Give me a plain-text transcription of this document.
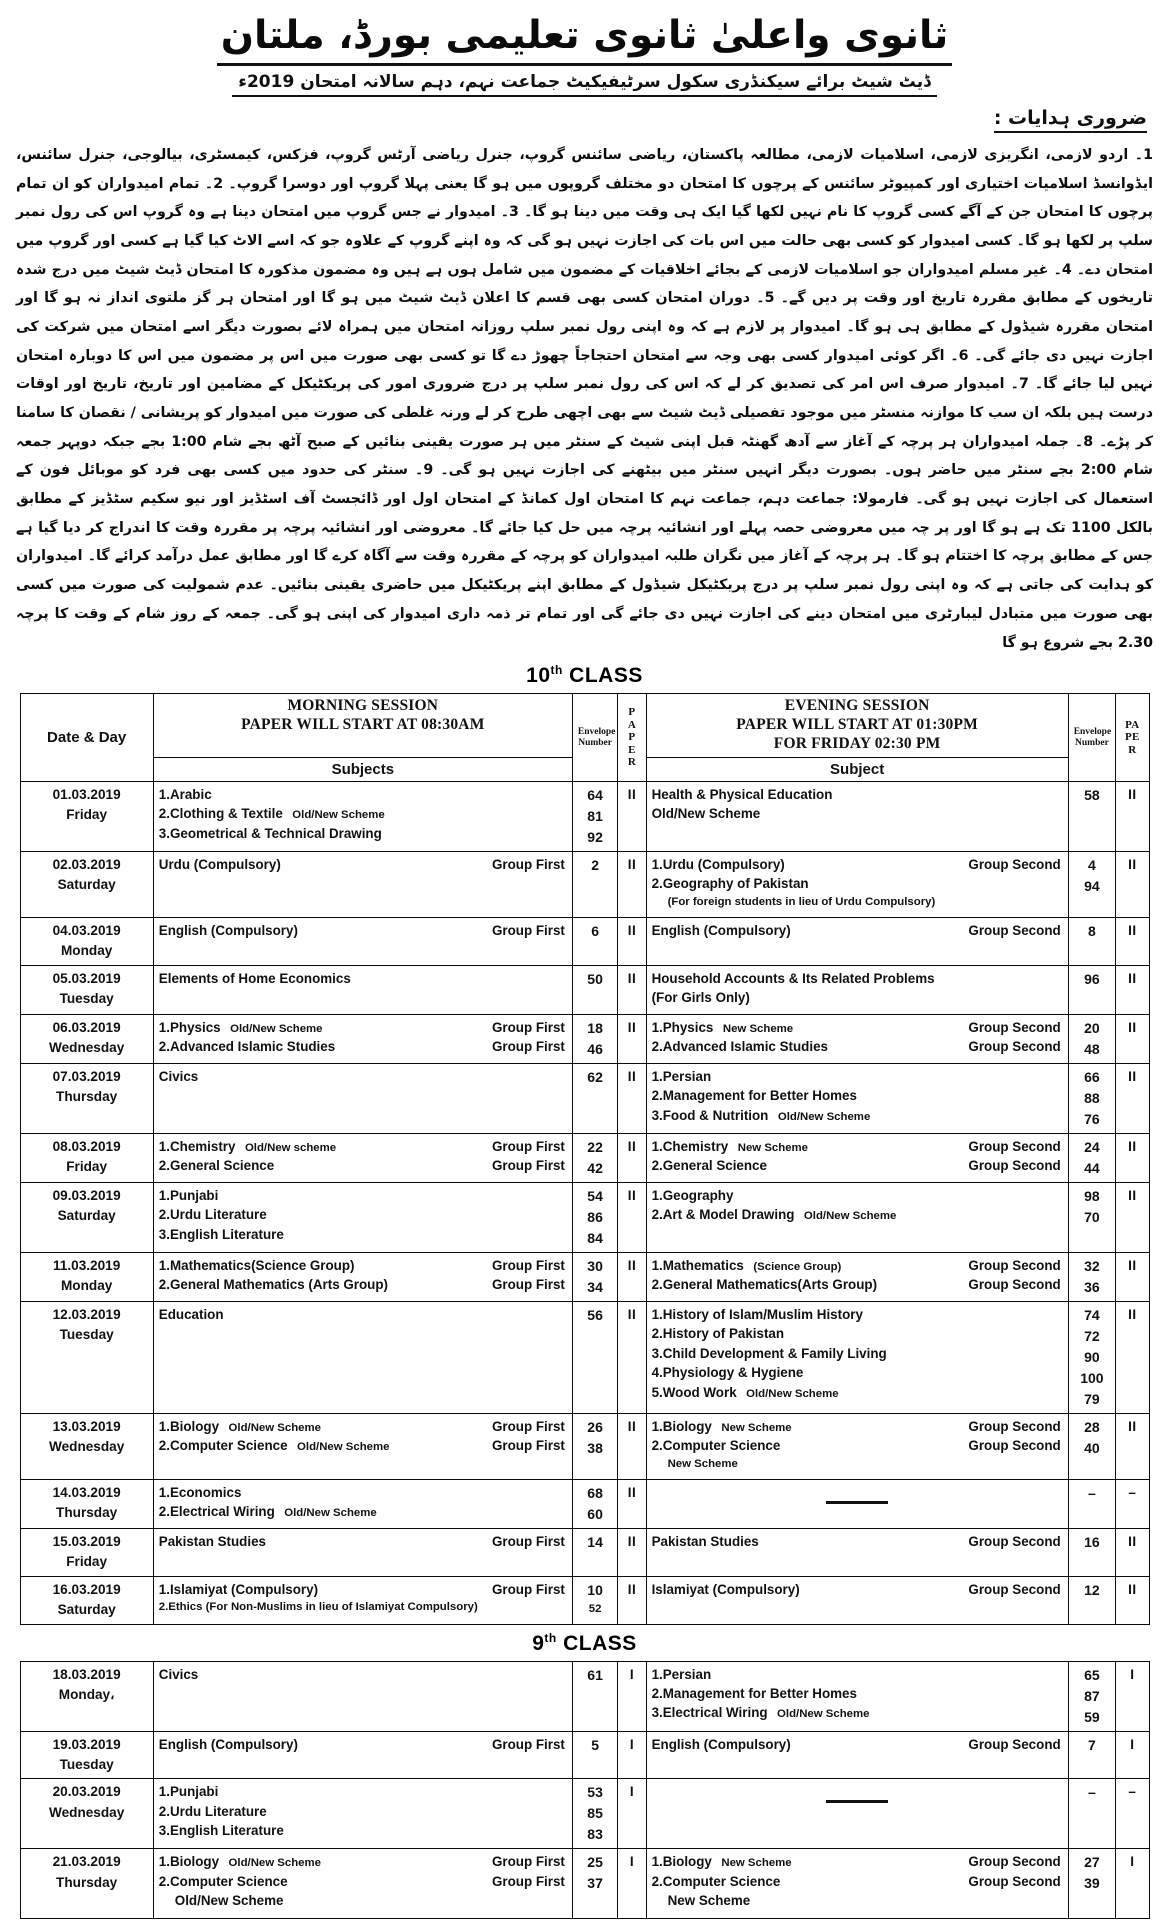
ثانوی واعلیٰ ثانوی تعلیمی بورڈ، ملتان
ڈیٹ شیٹ برائے سیکنڈری سکول سرٹیفیکیٹ جماعت نہم، دہم سالانہ امتحان 2019ء
ضروری ہدایات :
1۔ اردو لازمی، انگریزی لازمی، اسلامیات لازمی، مطالعہ پاکستان، ریاضی سائنس گروپ، جنرل ریاضی آرٹس گروپ، فزکس، کیمسٹری، بیالوجی، جنرل سائنس، ایڈوانسڈ اسلامیات اختیاری اور کمپیوٹر سائنس کے پرچوں کا امتحان دو مختلف گروپوں میں ہو گا یعنی پہلا گروپ اور دوسرا گروپ۔ 2۔ تمام امیدواران کو ان تمام پرچوں کا امتحان جن کے آگے کسی گروپ کا نام نہیں لکھا گیا ایک ہی وقت میں دینا ہو گا۔ 3۔ امیدوار نے جس گروپ میں امتحان دینا ہے وہ گروپ اس کی رول نمبر سلپ پر لکھا ہو گا۔ کسی امیدوار کو کسی بھی حالت میں اس بات کی اجازت نہیں ہو گی کہ وہ اپنے گروپ کے علاوہ جو کہ اسے الاٹ کیا گیا ہے کسی اور گروپ میں امتحان دے۔ 4۔ غیر مسلم امیدواران جو اسلامیات لازمی کے بجائے اخلاقیات کے مضمون میں شامل ہوں ہے ہیں وہ مضمون مذکورہ کا امتحان ڈیٹ شیٹ میں درج شدہ تاریخوں کے مطابق مقررہ تاریخ اور وقت پر دیں گے۔ 5۔ دوران امتحان کسی بھی قسم کا اعلان ڈیٹ شیٹ میں ہو گا اور امتحان ہر گز ملتوی انداز نہ ہو گا اور امتحان مقررہ شیڈول کے مطابق ہی ہو گا۔ امیدوار پر لازم ہے کہ وہ اپنی رول نمبر سلپ روزانہ امتحان میں ہمراہ لائے بصورت دیگر اسے امتحان میں شرکت کی اجازت نہیں دی جائے گی۔ 6۔ اگر کوئی امیدوار کسی بھی وجہ سے امتحان احتجاجاً چھوڑ دے گا تو کسی بھی صورت میں اس پر مضمون میں اس کا دوبارہ امتحان نہیں لیا جائے گا۔ 7۔ امیدوار صرف اس امر کی تصدیق کر لے کہ اس کی رول نمبر سلپ پر درج ضروری امور کی پریکٹیکل کے مضامین اور تاریخ، تاریخ اور اوقات درست ہیں بلکہ ان سب کا موازنہ منسٹر میں موجود تفصیلی ڈیٹ شیٹ سے بھی اچھی طرح کر لے ورنہ غلطی کی صورت میں امیدوار کو پریشانی / نقصان کا سامنا کر پڑے۔ 8۔ جملہ امیدواران ہر پرچہ کے آغاز سے آدھ گھنٹہ قبل اپنی شیٹ کے سنٹر میں ہر صورت یقینی بنائیں کے صبح آٹھ بجے شام 1:00 بجے جبکہ دوپہر جمعہ شام 2:00 بجے سنٹر میں حاضر ہوں۔ بصورت دیگر انہیں سنٹر میں بیٹھنے کی اجازت نہیں ہو گی۔ 9۔ سنٹر کی حدود میں کسی بھی فرد کو موبائل فون کے استعمال کی اجازت نہیں ہو گی۔ فارمولا: جماعت دہم، جماعت نہم کا امتحان اول کمانڈ کے امتحان اول اور ڈائجسٹ آف اسٹڈیز اور نیو سکیم سٹڈیز کے مطابق بالکل 1100 تک ہے ہو گا اور پر چہ میں معروضی حصہ پہلے اور انشائیہ پرچہ میں حل کیا جائے گا۔ معروضی اور انشائیہ پرچہ پر مقررہ وقت کا اندراج کر دیا گیا ہے جس کے مطابق پرچہ کا اختتام ہو گا۔ ہر پرچہ کے آغاز میں نگران طلبہ امیدواران کو پرچہ کے مقررہ وقت سے آگاہ کرے گا اور مطابق عمل درآمد کرائے گا۔ امیدواران کو ہدایت کی جاتی ہے کہ وہ اپنی رول نمبر سلپ پر درج پریکٹیکل شیڈول کے مطابق اپنے پریکٹیکل میں حاضری یقینی بنائیں۔ عدم شمولیت کی صورت میں کسی بھی صورت میں متبادل لیبارٹری میں امتحان دینے کی اجازت نہیں دی جائے گی اور تمام تر ذمہ داری امیدوار کی اپنی ہو گی۔ جمعہ کے روز شام کے وقت کا پرچہ 2.30 بجے شروع ہو گا
10th CLASS
Date & Day	MORNING SESSION
PAPER WILL START AT 08:30AM	Envelope
Number	P
A
P
E
R	EVENING SESSION
PAPER WILL START AT 01:30PM
FOR FRIDAY 02:30 PM	Envelope
Number	PA
PE
R
	Subjects			Subject		
01.03.2019
Friday	1.Arabic
2.Clothing & Textile   Old/New Scheme
3.Geometrical & Technical Drawing	64
81
92	II	Health & Physical Education
Old/New Scheme	58	II
02.03.2019
Saturday	Urdu (Compulsory) Group First	2	II	1.Urdu (Compulsory) Group Second
2.Geography of Pakistan
(For foreign students in lieu of Urdu Compulsory)	4
94	II
04.03.2019
Monday	English (Compulsory) Group First	6	II	English (Compulsory) Group Second	8	II
05.03.2019
Tuesday	Elements of Home Economics	50	II	Household Accounts & Its Related Problems
(For Girls Only)	96	II
06.03.2019
Wednesday	1.Physics   Old/New Scheme Group First
2.Advanced Islamic Studies Group First	18
46	II	1.Physics   New Scheme Group Second
2.Advanced Islamic Studies Group Second	20
48	II
07.03.2019
Thursday	Civics	62	II	1.Persian
2.Management for Better Homes
3.Food & Nutrition   Old/New Scheme	66
88
76	II
08.03.2019
Friday	1.Chemistry   Old/New scheme Group First
2.General Science Group First	22
42	II	1.Chemistry   New Scheme Group Second
2.General Science Group Second	24
44	II
09.03.2019
Saturday	1.Punjabi
2.Urdu Literature
3.English Literature	54
86
84	II	1.Geography
2.Art & Model Drawing   Old/New Scheme	98
70	II
11.03.2019
Monday	1.Mathematics(Science Group) Group First
2.General Mathematics (Arts Group) Group First	30
34	II	1.Mathematics   (Science Group) Group Second
2.General Mathematics(Arts Group) Group Second	32
36	II
12.03.2019
Tuesday	Education	56	II	1.History of Islam/Muslim History
2.History of Pakistan
3.Child Development & Family Living
4.Physiology & Hygiene
5.Wood Work   Old/New Scheme	74
72
90
100
79	II
13.03.2019
Wednesday	1.Biology   Old/New Scheme Group First
2.Computer Science   Old/New Scheme Group First	26
38	II	1.Biology   New Scheme Group Second
2.Computer Science Group Second
New Scheme	28
40	II
14.03.2019
Thursday	1.Economics
2.Electrical Wiring   Old/New Scheme	68
60	II		–	–
15.03.2019
Friday	Pakistan Studies Group First	14	II	Pakistan Studies Group Second	16	II
16.03.2019
Saturday	1.Islamiyat (Compulsory) Group First
2.Ethics (For Non-Muslims in lieu of Islamiyat Compulsory)	10
52	II	Islamiyat (Compulsory) Group Second	12	II
9th CLASS
18.03.2019
Monday،	Civics	61	I	1.Persian
2.Management for Better Homes
3.Electrical Wiring   Old/New Scheme	65
87
59	I
19.03.2019
Tuesday	English (Compulsory) Group First	5	I	English (Compulsory) Group Second	7	I
20.03.2019
Wednesday	1.Punjabi
2.Urdu Literature
3.English Literature	53
85
83	I		–	–
21.03.2019
Thursday	1.Biology   Old/New Scheme Group First
2.Computer Science Group First
Old/New Scheme	25
37	I	1.Biology   New Scheme Group Second
2.Computer Science Group Second
New Scheme	27
39	I
